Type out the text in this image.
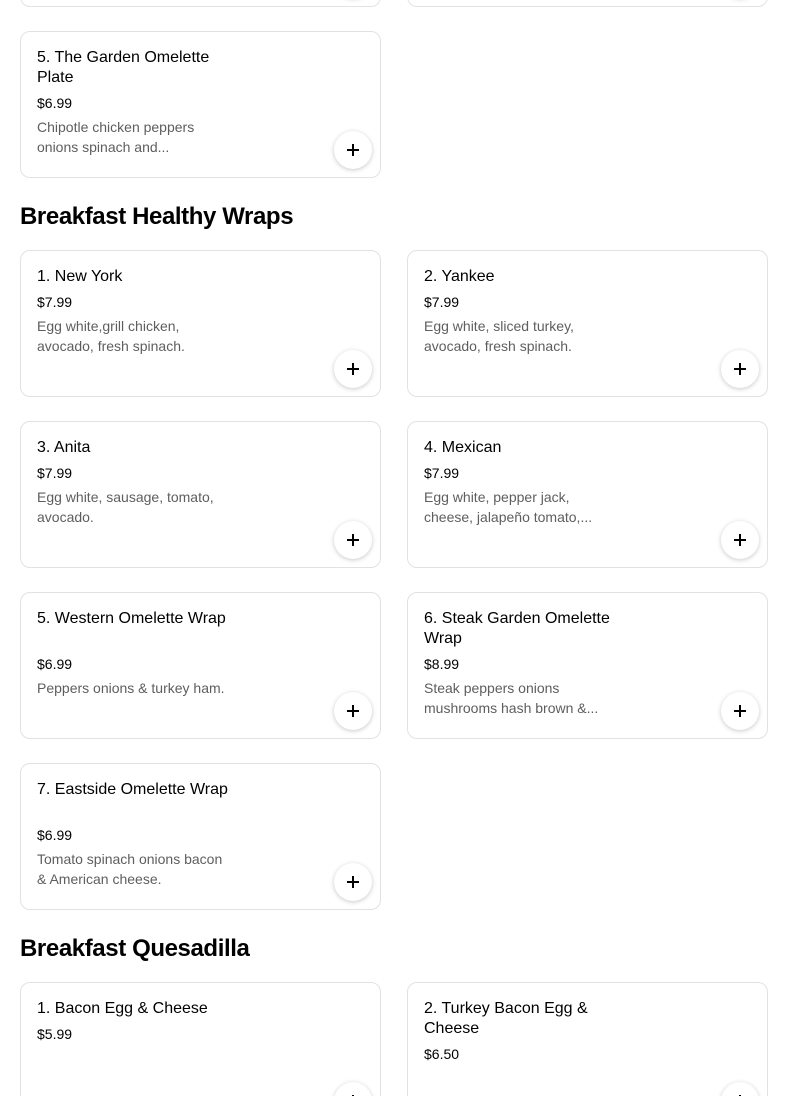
5. The Garden Omelette Plate
$6.99
Chipotle chicken peppers onions spinach and...
Breakfast Healthy Wraps
1. New York
$7.99
Egg white,grill chicken, avocado, fresh spinach.
2. Yankee
$7.99
Egg white, sliced turkey, avocado, fresh spinach.
3. Anita
$7.99
Egg white, sausage, tomato, avocado.
4. Mexican
$7.99
Egg white, pepper jack, cheese, jalapeño tomato,...
5. Western Omelette Wrap
$6.99
Peppers onions & turkey ham.
6. Steak Garden Omelette Wrap
$8.99
Steak peppers onions mushrooms hash brown &...
7. Eastside Omelette Wrap
$6.99
Tomato spinach onions bacon & American cheese.
Breakfast Quesadilla
1. Bacon Egg & Cheese
$5.99
2. Turkey Bacon Egg & Cheese
$6.50
